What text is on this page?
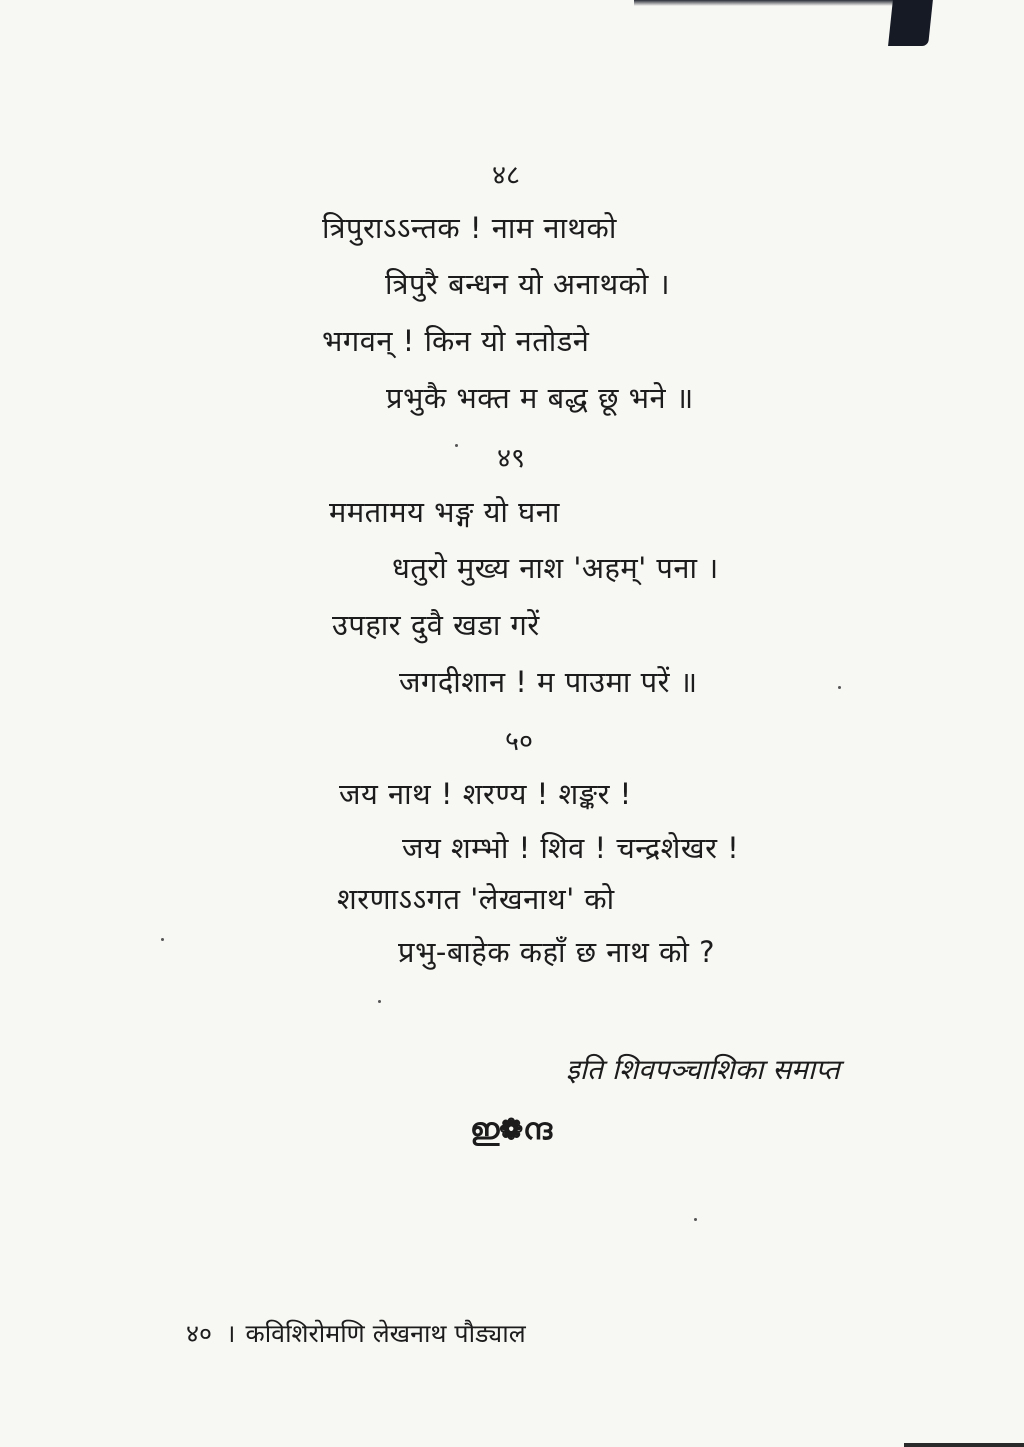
४८
त्रिपुराऽऽन्तक ! नाम नाथको
त्रिपुरै बन्धन यो अनाथको ।
भगवन् ! किन यो नतोडने
प्रभुकै भक्त म बद्ध छू भने ॥
४९
ममतामय भङ्ग यो घना
धतुरो मुख्य नाश 'अहम्' पना ।
उपहार दुवै खडा गरें
जगदीशान ! म पाउमा परें ॥
५०
जय नाथ ! शरण्य ! शङ्कर !
जय शम्भो ! शिव ! चन्द्रशेखर !
शरणाऽऽगत 'लेखनाथ' को
प्रभु-बाहेक कहाँ छ नाथ को ?
इति शिवपञ्चाशिका समाप्त
ഇ❁ന്ദ
४० । कविशिरोमणि लेखनाथ पौड्याल
